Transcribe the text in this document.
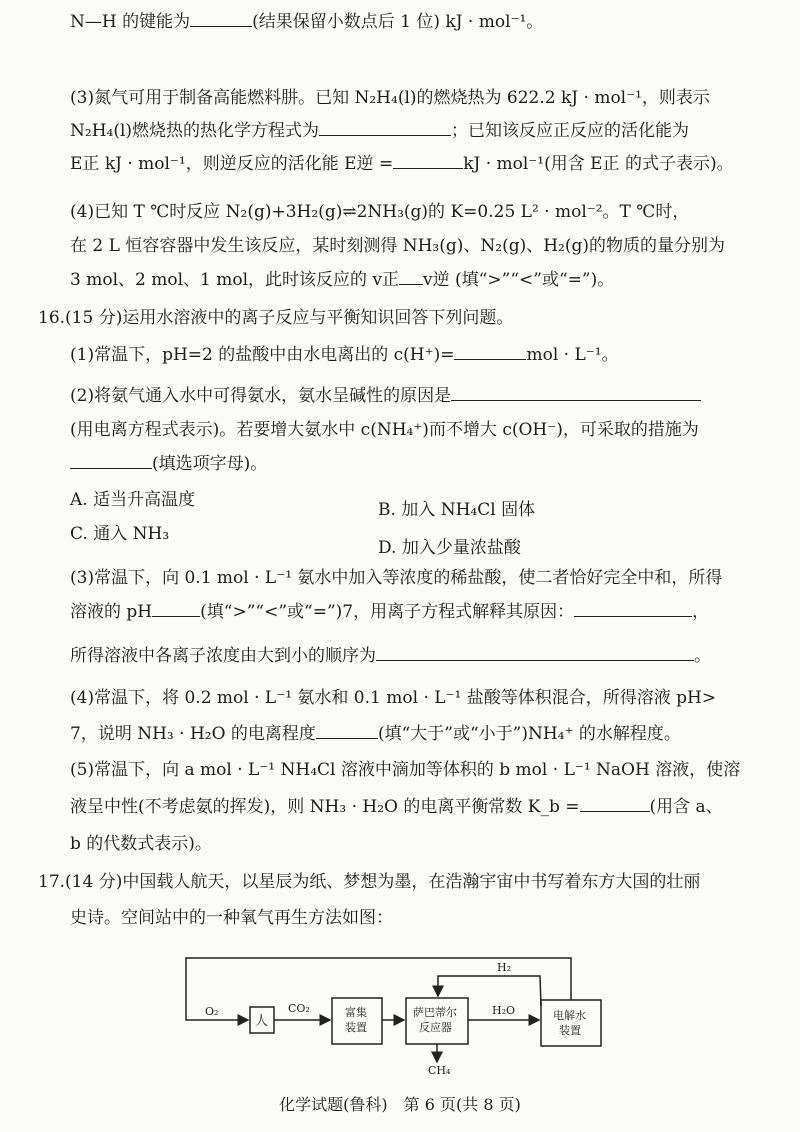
N—H 的键能为	(结果保留小数点后 1 位) kJ · mol⁻¹。
(3)氮气可用于制备高能燃料肼。已知 N₂H₄(l)的燃烧热为 622.2 kJ · mol⁻¹，则表示
N₂H₄(l)燃烧热的热化学方程式为	；已知该反应正反应的活化能为
E正 kJ · mol⁻¹，则逆反应的活化能 E逆 =	kJ · mol⁻¹(用含 E正 的式子表示)。
(4)已知 T ℃时反应 N₂(g)+3H₂(g)⇌2NH₃(g)的 K=0.25 L² · mol⁻²。T ℃时，
在 2 L 恒容容器中发生该反应，某时刻测得 NH₃(g)、N₂(g)、H₂(g)的物质的量分别为
3 mol、2 mol、1 mol，此时该反应的 v正 v逆 (填“>”“<”或“=”)。
16.(15 分)运用水溶液中的离子反应与平衡知识回答下列问题。
(1)常温下，pH=2 的盐酸中由水电离出的 c(H⁺)=	mol · L⁻¹。
(2)将氨气通入水中可得氨水，氨水呈碱性的原因是
(用电离方程式表示)。若要增大氨水中 c(NH₄⁺)而不增大 c(OH⁻)，可采取的措施为
(填选项字母)。
A. 适当升高温度	B. 加入 NH₄Cl 固体
C. 通入 NH₃
D. 加入少量浓盐酸
(3)常温下，向 0.1 mol · L⁻¹ 氨水中加入等浓度的稀盐酸，使二者恰好完全中和，所得
溶液的 pH	(填“>”“<”或“=”)7，用离子方程式解释其原因：	，
所得溶液中各离子浓度由大到小的顺序为	。
(4)常温下，将 0.2 mol · L⁻¹ 氨水和 0.1 mol · L⁻¹ 盐酸等体积混合，所得溶液 pH>
7，说明 NH₃ · H₂O 的电离程度	(填“大于”或“小于”)NH₄⁺ 的水解程度。
(5)常温下，向 a mol · L⁻¹ NH₄Cl 溶液中滴加等体积的 b mol · L⁻¹ NaOH 溶液，使溶
液呈中性(不考虑氨的挥发)，则 NH₃ · H₂O 的电离平衡常数 K_b =	(用含 a、
b 的代数式表示)。
17.(14 分)中国载人航天，以星辰为纸、梦想为墨，在浩瀚宇宙中书写着东方大国的壮丽
史诗。空间站中的一种氧气再生方法如图：
O₂
人
CO₂	富集
装置
萨巴蒂尔
反应器
H₂O	电解水
装置
H₂
CH₄
化学试题(鲁科)　第 6 页(共 8 页)
